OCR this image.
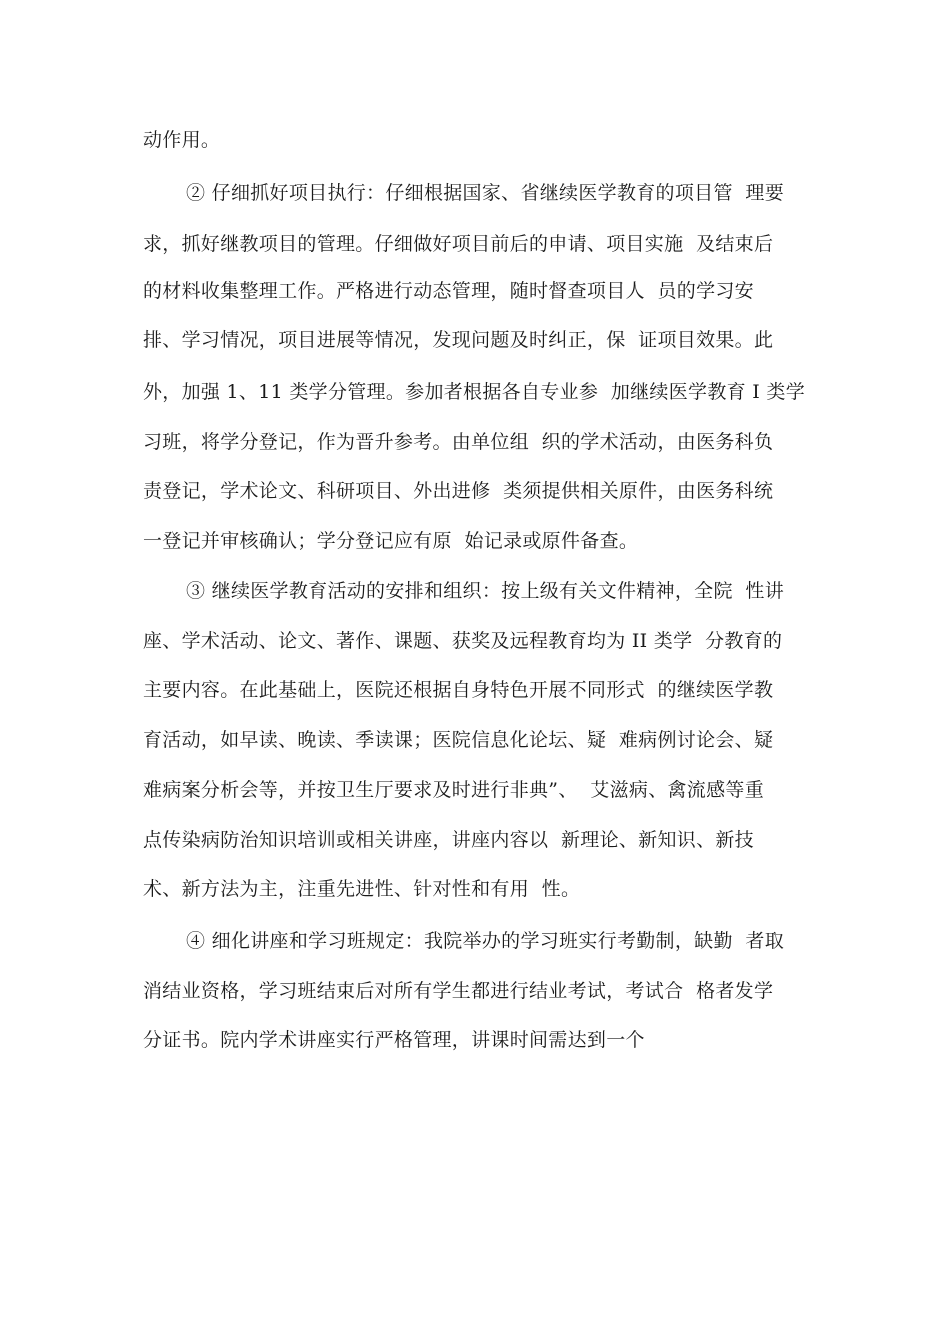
动作用。
② 仔细抓好项目执行：仔细根据国家、省继续医学教育的项目管  理要
求，抓好继教项目的管理。仔细做好项目前后的申请、项目实施  及结束后
的材料收集整理工作。严格进行动态管理，随时督查项目人  员的学习安
排、学习情况，项目进展等情况，发现问题及时纠正，保  证项目效果。此
外，加强 1、11 类学分管理。参加者根据各自专业参  加继续医学教育 I 类学
习班，将学分登记，作为晋升参考。由单位组  织的学术活动，由医务科负
责登记，学术论文、科研项目、外出进修  类须提供相关原件，由医务科统
一登记并审核确认；学分登记应有原  始记录或原件备查。
③ 继续医学教育活动的安排和组织：按上级有关文件精神，全院  性讲
座、学术活动、论文、著作、课题、获奖及远程教育均为 II 类学  分教育的
主要内容。在此基础上，医院还根据自身特色开展不同形式  的继续医学教
育活动，如早读、晚读、季读课；医院信息化论坛、疑  难病例讨论会、疑
难病案分析会等，并按卫生厅要求及时进行非典”、  艾滋病、禽流感等重
点传染病防治知识培训或相关讲座，讲座内容以  新理论、新知识、新技
术、新方法为主，注重先进性、针对性和有用  性。
④ 细化讲座和学习班规定：我院举办的学习班实行考勤制，缺勤  者取
消结业资格，学习班结束后对所有学生都进行结业考试，考试合  格者发学
分证书。院内学术讲座实行严格管理，讲课时间需达到一个
